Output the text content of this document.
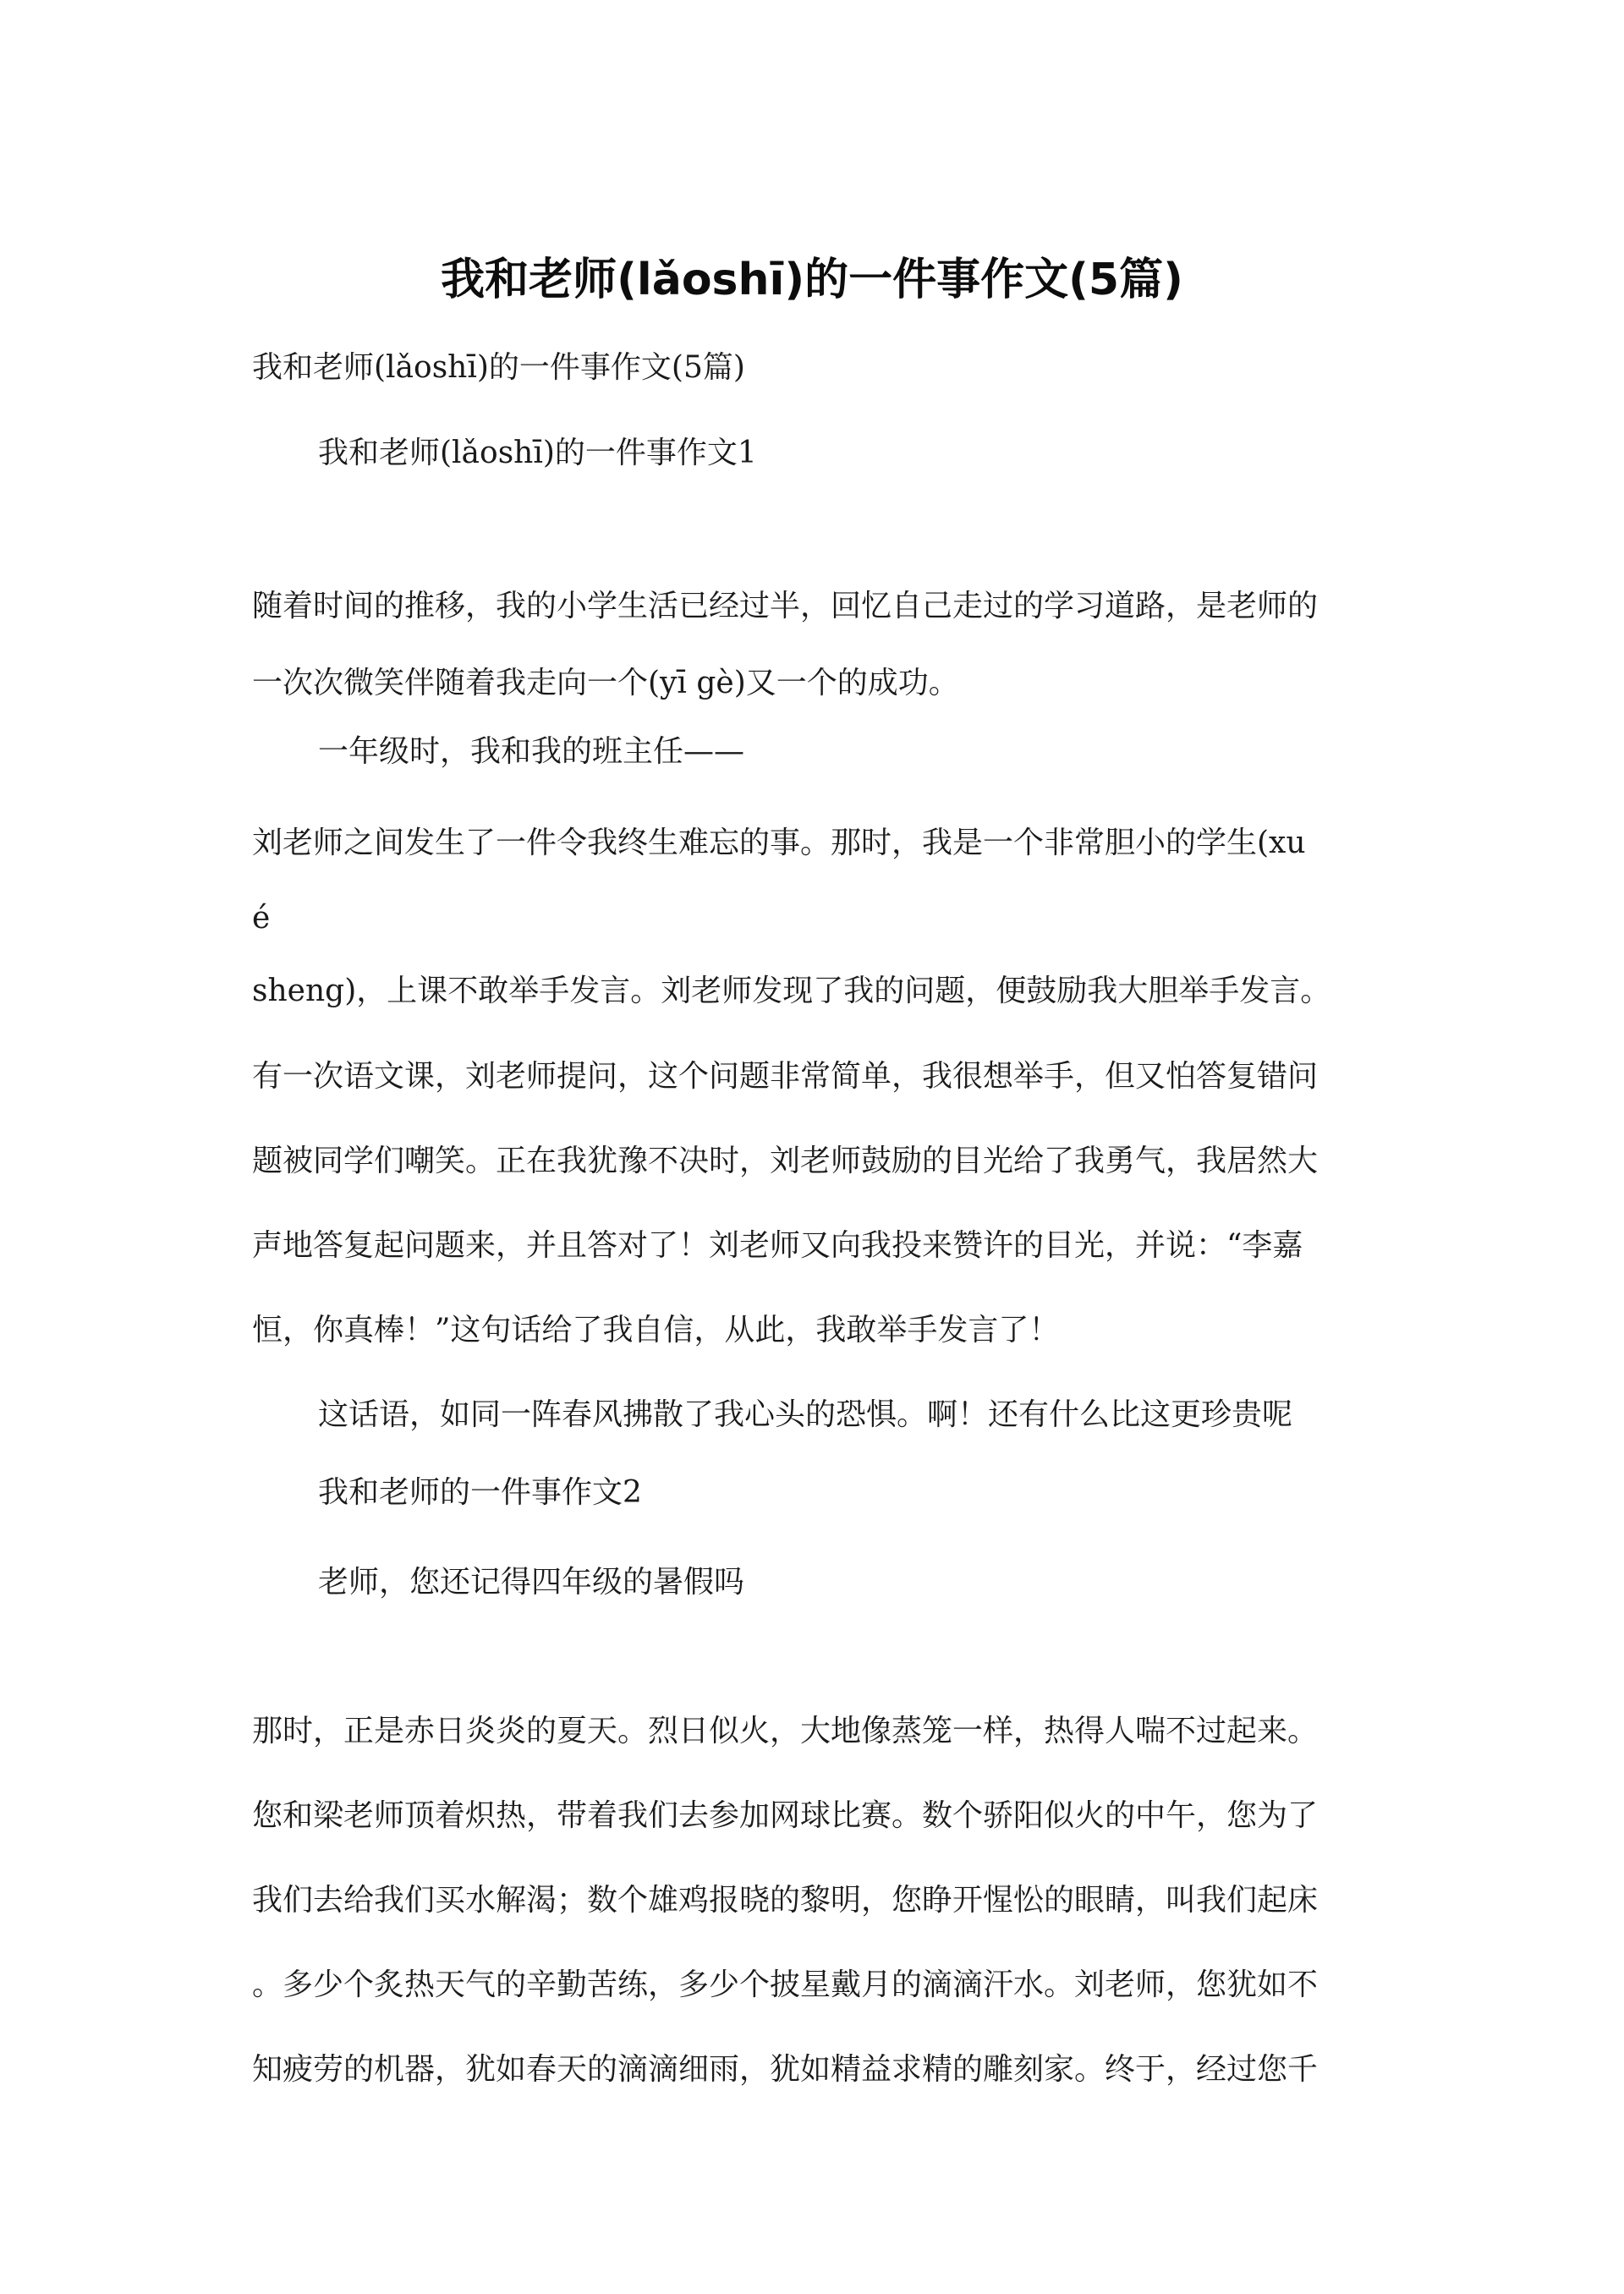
我和老师(lǎoshī)的一件事作文(5篇)
我和老师(lǎoshī)的一件事作文(5篇)
我和老师(lǎoshī)的一件事作文1
随着时间的推移，我的小学生活已经过半，回忆自己走过的学习道路，是老师的
一次次微笑伴随着我走向一个(yī gè)又一个的成功。
一年级时，我和我的班主任——
刘老师之间发生了一件令我终生难忘的事。那时，我是一个非常胆小的学生(xu
é
sheng)，上课不敢举手发言。刘老师发现了我的问题，便鼓励我大胆举手发言。
有一次语文课，刘老师提问，这个问题非常简单，我很想举手，但又怕答复错问
题被同学们嘲笑。正在我犹豫不决时，刘老师鼓励的目光给了我勇气，我居然大
声地答复起问题来，并且答对了！刘老师又向我投来赞许的目光，并说：“李嘉
恒，你真棒！”这句话给了我自信，从此，我敢举手发言了！
这话语，如同一阵春风拂散了我心头的恐惧。啊！还有什么比这更珍贵呢
我和老师的一件事作文2
老师，您还记得四年级的暑假吗
那时，正是赤日炎炎的夏天。烈日似火，大地像蒸笼一样，热得人喘不过起来。
您和梁老师顶着炽热，带着我们去参加网球比赛。数个骄阳似火的中午，您为了
我们去给我们买水解渴；数个雄鸡报晓的黎明，您睁开惺忪的眼睛，叫我们起床
。多少个炙热天气的辛勤苦练，多少个披星戴月的滴滴汗水。刘老师，您犹如不
知疲劳的机器，犹如春天的滴滴细雨，犹如精益求精的雕刻家。终于，经过您千
